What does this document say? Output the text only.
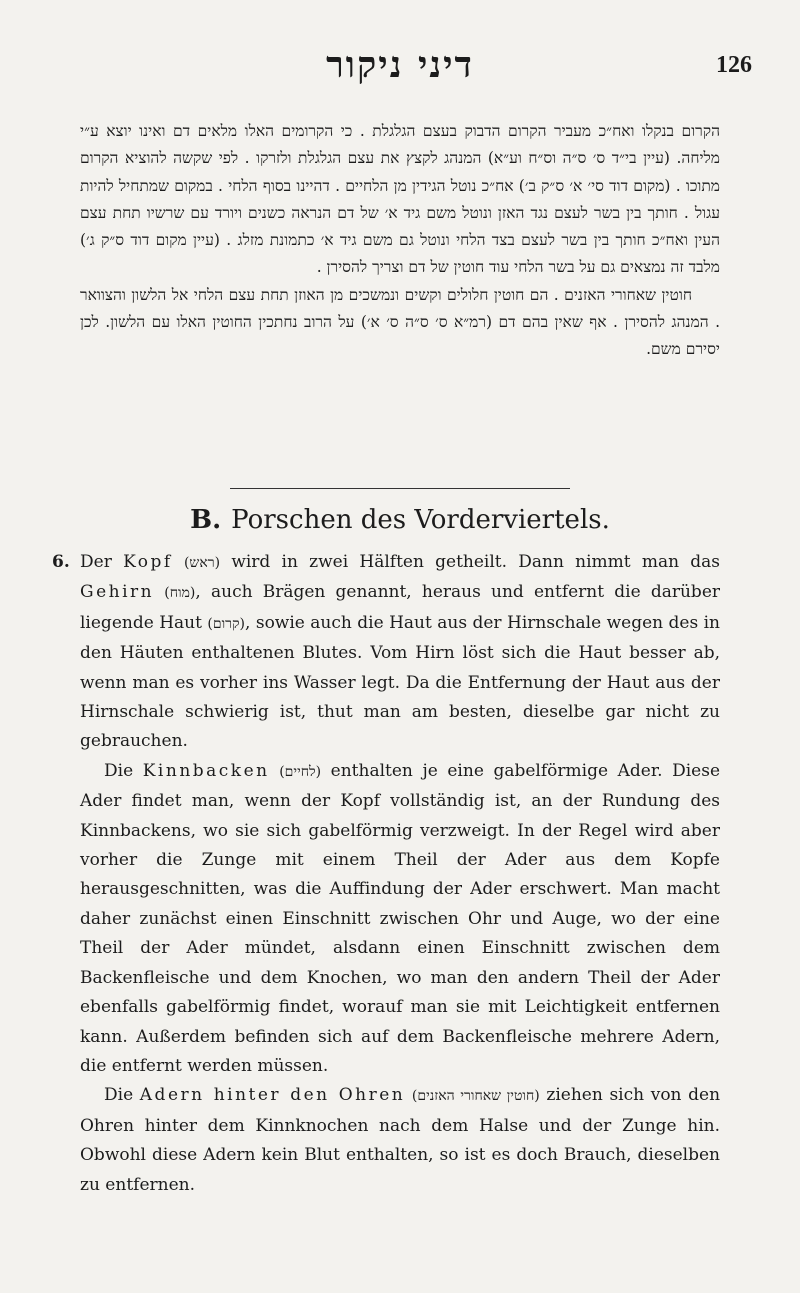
126
דיני ניקור

הקרום בנקלו ואח״כ מעביר הקרום הדבוק בעצם הגלגלת . כי הקרומים האלו מלאים דם ואינו יוצא ע״י מליחה. (עיין בי״ד ס׳ ס״ה וס״ח וע״א) המנהג לקצץ את עצם הגלגלת ולזרקו . לפי שקשה להוציא הקרום מתוכו . (מקום דוד סי׳ א׳ ס״ק ב׳) אח״כ נוטל הגידין מן הלחיים . דהיינו בסוף הלחי . במקום שמתחיל להיות עגול . חותך בין בשר לעצם נגד האזן ונוטל משם גיד א׳ של דם הנראה כשנים ויורד עם שרשיו תחת עצם העין ואח״כ חותך בין בשר לעצם בצד הלחי ונוטל גם משם גיד א׳ כתמונת מזלג . (עיין מקום דוד ס״ק ג׳) מלבד זה נמצאים גם על בשר הלחי עוד חוטין של דם וצריך להסירן .

חוטין שאחורי האזנים . הם חוטין חלולים וקשים ונמשכים מן האוזן תחת עצם הלחי אל הלשון והצוואר . המנהג להסירן . אף שאין בהם דם (רמ״א ס׳ ס״ה ס׳ א׳) על הרוב נחתכין החוטין האלו עם הלשון. לכן יסירם משם.

B. Porschen des Vorderviertels.
6. Der Kopf (ראש) wird in zwei Hälften getheilt. Dann nimmt man das Gehirn (מוח), auch Brägen genannt, heraus und entfernt die darüber liegende Haut (קרום), sowie auch die Haut aus der Hirnschale wegen des in den Häuten enthaltenen Blutes. Vom Hirn löst sich die Haut besser ab, wenn man es vorher ins Wasser legt. Da die Entfernung der Haut aus der Hirnschale schwierig ist, thut man am besten, dieselbe gar nicht zu gebrauchen.

Die Kinnbacken (לחיים) enthalten je eine gabelförmige Ader. Diese Ader findet man, wenn der Kopf vollständig ist, an der Rundung des Kinnbackens, wo sie sich gabelförmig verzweigt. In der Regel wird aber vorher die Zunge mit einem Theil der Ader aus dem Kopfe herausgeschnitten, was die Auffindung der Ader erschwert. Man macht daher zunächst einen Einschnitt zwischen Ohr und Auge, wo der eine Theil der Ader mündet, alsdann einen Einschnitt zwischen dem Backenfleische und dem Knochen, wo man den andern Theil der Ader ebenfalls gabelförmig findet, worauf man sie mit Leichtigkeit entfernen kann. Außerdem befinden sich auf dem Backenfleische mehrere Adern, die entfernt werden müssen.

Die Adern hinter den Ohren (חוטין שאחורי האזנים) ziehen sich von den Ohren hinter dem Kinnknochen nach dem Halse und der Zunge hin. Obwohl diese Adern kein Blut enthalten, so ist es doch Brauch, dieselben zu entfernen.
